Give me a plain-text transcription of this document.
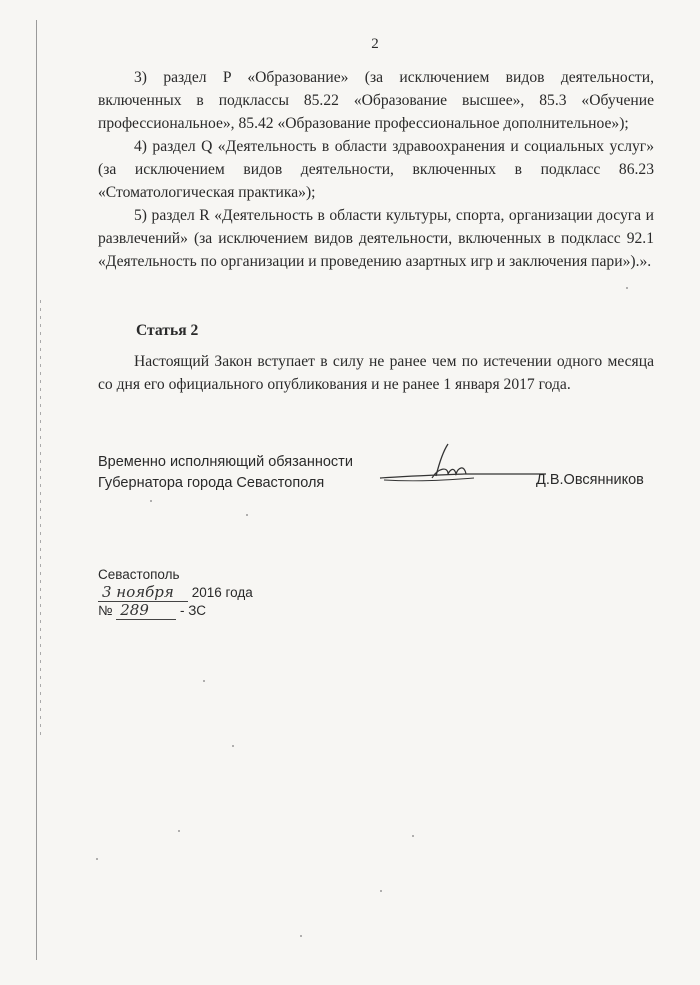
2

3) раздел P «Образование» (за исключением видов деятельности, включенных в подклассы 85.22 «Образование высшее», 85.3 «Обучение профессиональное», 85.42 «Образование профессиональное дополнительное»);

4) раздел Q «Деятельность в области здравоохранения и социальных услуг» (за исключением видов деятельности, включенных в подкласс 86.23 «Стоматологическая практика»);

5) раздел R «Деятельность в области культуры, спорта, организации досуга и развлечений» (за исключением видов деятельности, включенных в подкласс 92.1 «Деятельность по организации и проведению азартных игр и заключения пари»).».

Статья 2

Настоящий Закон вступает в силу не ранее чем по истечении одного месяца со дня его официального опубликования и не ранее 1 января 2017 года.

Временно исполняющий обязанности
Губернатора города Севастополя	Д.В.Овсянников
Севастополь
3 ноября 2016 года
№ 289 - ЗС
